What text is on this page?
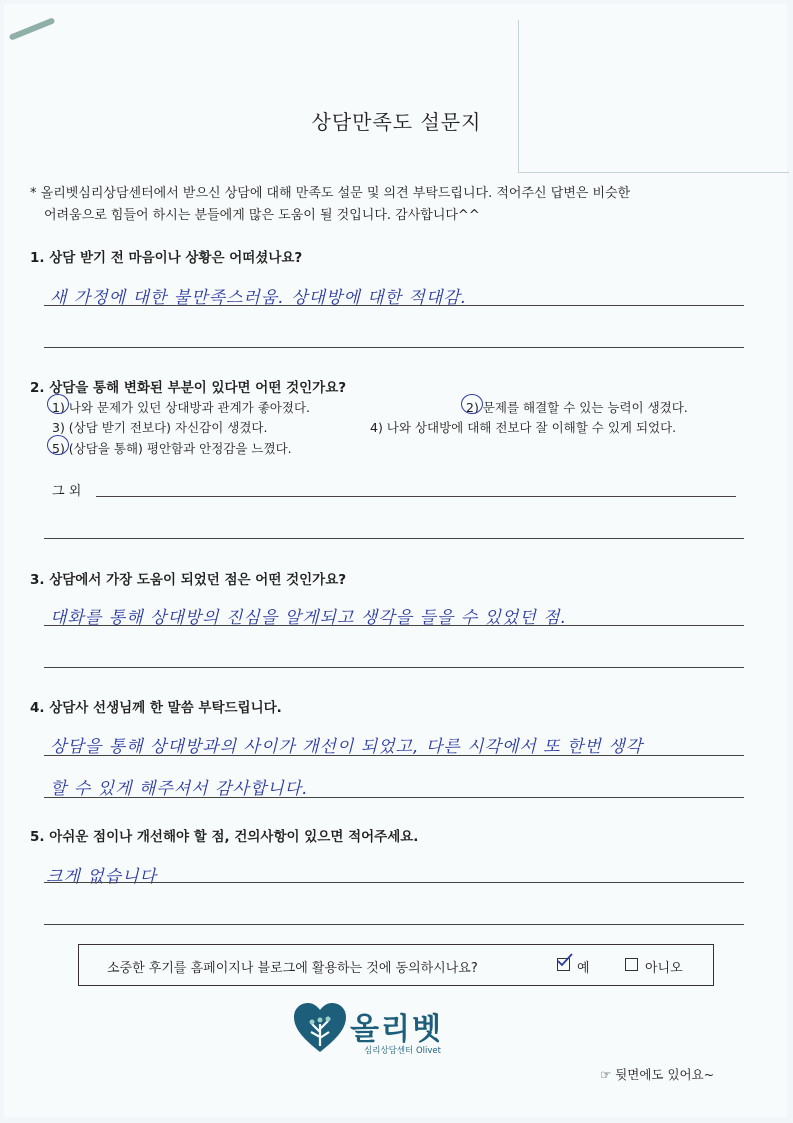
상담만족도 설문지
* 올리벳심리상담센터에서 받으신 상담에 대해 만족도 설문 및 의견 부탁드립니다. 적어주신 답변은 비슷한
어려움으로 힘들어 하시는 분들에게 많은 도움이 될 것입니다. 감사합니다^^
1. 상담 받기 전 마음이나 상황은 어떠셨나요?
새 가정에 대한 불만족스러움. 상대방에 대한 적대감.
2. 상담을 통해 변화된 부분이 있다면 어떤 것인가요?
1) 나와 문제가 있던 상대방과 관계가 좋아졌다.	2) 문제를 해결할 수 있는 능력이 생겼다.
3) (상담 받기 전보다) 자신감이 생겼다.	4) 나와 상대방에 대해 전보다 잘 이해할 수 있게 되었다.
5) (상담을 통해) 평안함과 안정감을 느꼈다.
그 외
3. 상담에서 가장 도움이 되었던 점은 어떤 것인가요?
대화를 통해 상대방의 진심을 알게되고 생각을 들을 수 있었던 점.
4. 상담사 선생님께 한 말씀 부탁드립니다.
상담을 통해 상대방과의 사이가 개선이 되었고, 다른 시각에서 또 한번 생각
할 수 있게 해주셔서 감사합니다.
5. 아쉬운 점이나 개선해야 할 점, 건의사항이 있으면 적어주세요.
크게 없습니다
소중한 후기를 홈페이지나 블로그에 활용하는 것에 동의하시나요?	예	아니오
올리벳
심리상담센터 Olivet
☞ 뒷면에도 있어요~
